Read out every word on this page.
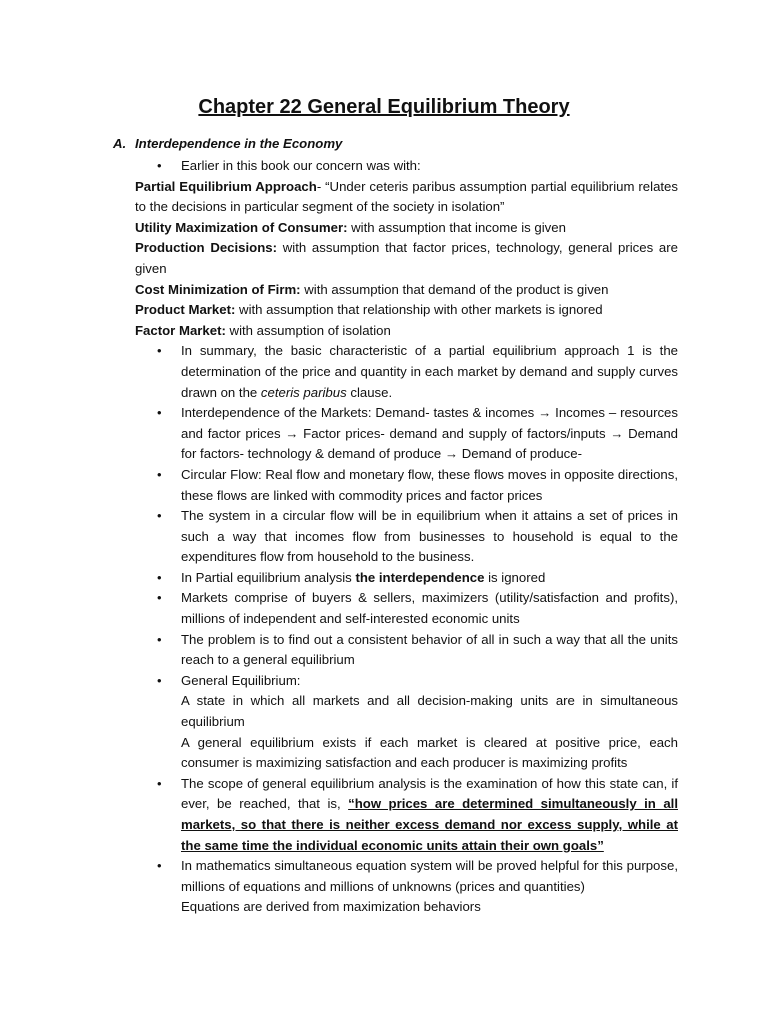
Chapter 22 General Equilibrium Theory
A. Interdependence in the Economy
• Earlier in this book our concern was with:

Partial Equilibrium Approach- “Under ceteris paribus assumption partial equilibrium relates to the decisions in particular segment of the society in isolation”

Utility Maximization of Consumer: with assumption that income is given

Production Decisions: with assumption that factor prices, technology, general prices are given

Cost Minimization of Firm: with assumption that demand of the product is given

Product Market: with assumption that relationship with other markets is ignored

Factor Market: with assumption of isolation

• In summary, the basic characteristic of a partial equilibrium approach 1 is the determination of the price and quantity in each market by demand and supply curves drawn on the ceteris paribus clause.
• Interdependence of the Markets: Demand- tastes & incomes → Incomes – resources and factor prices → Factor prices- demand and supply of factors/inputs → Demand for factors- technology & demand of produce → Demand of produce-
• Circular Flow: Real flow and monetary flow, these flows moves in opposite directions, these flows are linked with commodity prices and factor prices
• The system in a circular flow will be in equilibrium when it attains a set of prices in such a way that incomes flow from businesses to household is equal to the expenditures flow from household to the business.
• In Partial equilibrium analysis the interdependence is ignored
• Markets comprise of buyers & sellers, maximizers (utility/satisfaction and profits), millions of independent and self-interested economic units
• The problem is to find out a consistent behavior of all in such a way that all the units reach to a general equilibrium
• General Equilibrium:
A state in which all markets and all decision-making units are in simultaneous equilibrium
A general equilibrium exists if each market is cleared at positive price, each consumer is maximizing satisfaction and each producer is maximizing profits
• The scope of general equilibrium analysis is the examination of how this state can, if ever, be reached, that is, “how prices are determined simultaneously in all markets, so that there is neither excess demand nor excess supply, while at the same time the individual economic units attain their own goals”
• In mathematics simultaneous equation system will be proved helpful for this purpose, millions of equations and millions of unknowns (prices and quantities)
Equations are derived from maximization behaviors
